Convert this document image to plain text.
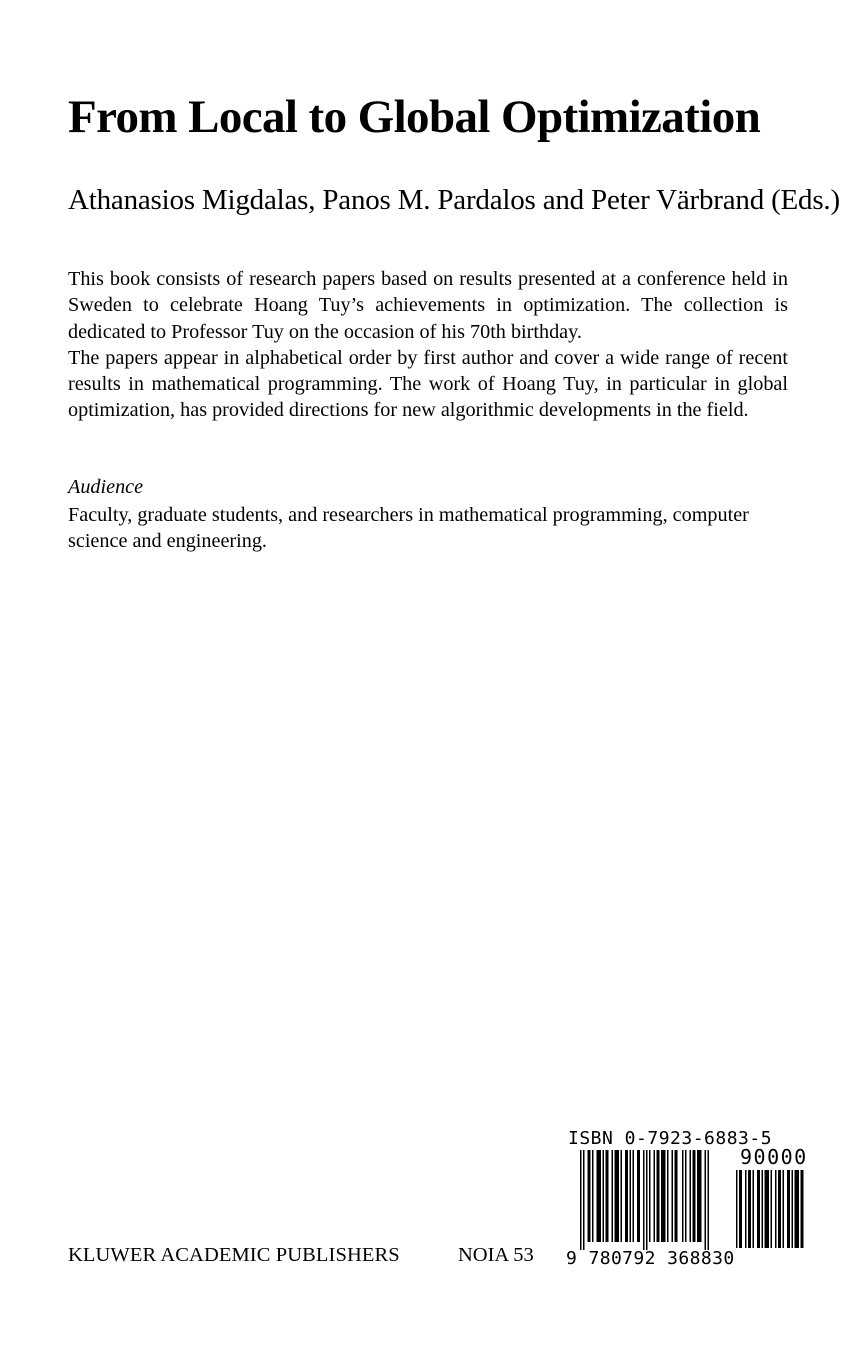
From Local to Global Optimization
Athanasios Migdalas, Panos M. Pardalos and Peter Värbrand (Eds.)

This book consists of research papers based on results presented at a conference held in Sweden to celebrate Hoang Tuy’s achievements in optimization. The collection is dedicated to Professor Tuy on the occasion of his 70th birthday.

The papers appear in alphabetical order by first author and cover a wide range of recent results in mathematical programming. The work of Hoang Tuy, in particular in global optimization, has provided directions for new algorithmic developments in the field.

Audience
Faculty, graduate students, and researchers in mathematical programming, computer science and engineering.
KLUWER ACADEMIC PUBLISHERS	NOIA 53
ISBN 0-7923-6883-5
90000
9 780792 368830
